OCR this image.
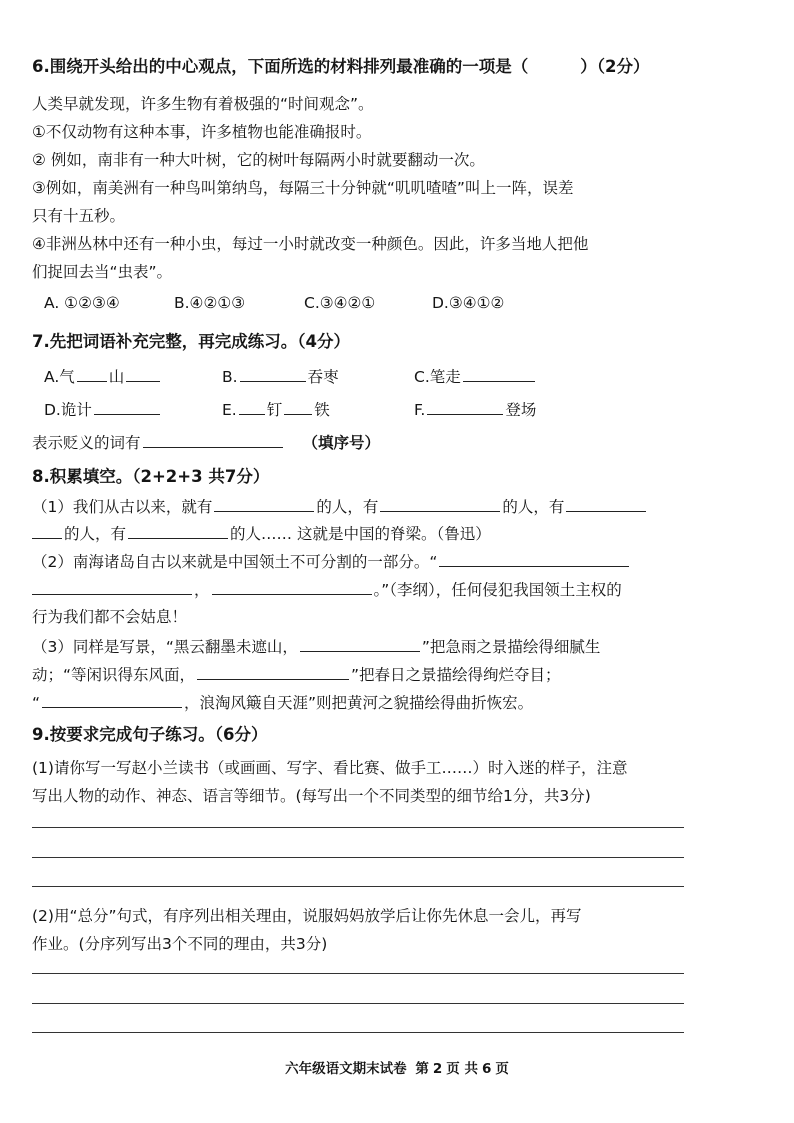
6.围绕开头给出的中心观点，下面所选的材料排列最准确的一项是（	）（2分）
人类早就发现，许多生物有着极强的“时间观念”。
①不仅动物有这种本事，许多植物也能准确报时。
② 例如，南非有一种大叶树，它的树叶每隔两小时就要翻动一次。
③例如，南美洲有一种鸟叫第纳鸟，每隔三十分钟就“叽叽喳喳”叫上一阵，误差
只有十五秒。
④非洲丛林中还有一种小虫，每过一小时就改变一种颜色。因此，许多当地人把他
们捉回去当“虫表”。
A. ①②③④	B.④②①③	C.③④②①	D.③④①②
7.先把词语补充完整，再完成练习。（4分）
A.气 山	B.	吞枣	C.笔走
D.诡计	E. 钉 铁	F.	登场
表示贬义的词有	（填序号）
8.积累填空。（2+2+3 共7分）
（1）我们从古以来，就有	的人，有	的人，有
的人，有	的人…… 这就是中国的脊梁。（鲁迅）
（2）南海诸岛自古以来就是中国领土不可分割的一部分。“
，	。”（李纲），任何侵犯我国领土主权的
行为我们都不会姑息！
（3）同样是写景，“黑云翻墨未遮山，	”把急雨之景描绘得细腻生
动；“等闲识得东风面，	”把春日之景描绘得绚烂夺目；
“	，浪淘风簸自天涯”则把黄河之貌描绘得曲折恢宏。
9.按要求完成句子练习。（6分）
(1)请你写一写赵小兰读书（或画画、写字、看比赛、做手工……）时入迷的样子，注意
写出人物的动作、神态、语言等细节。(每写出一个不同类型的细节给1分，共3分)
(2)用“总分”句式，有序列出相关理由，说服妈妈放学后让你先休息一会儿，再写
作业。(分序列写出3个不同的理由，共3分)
六年级语文期末试卷 第 2 页 共 6 页
